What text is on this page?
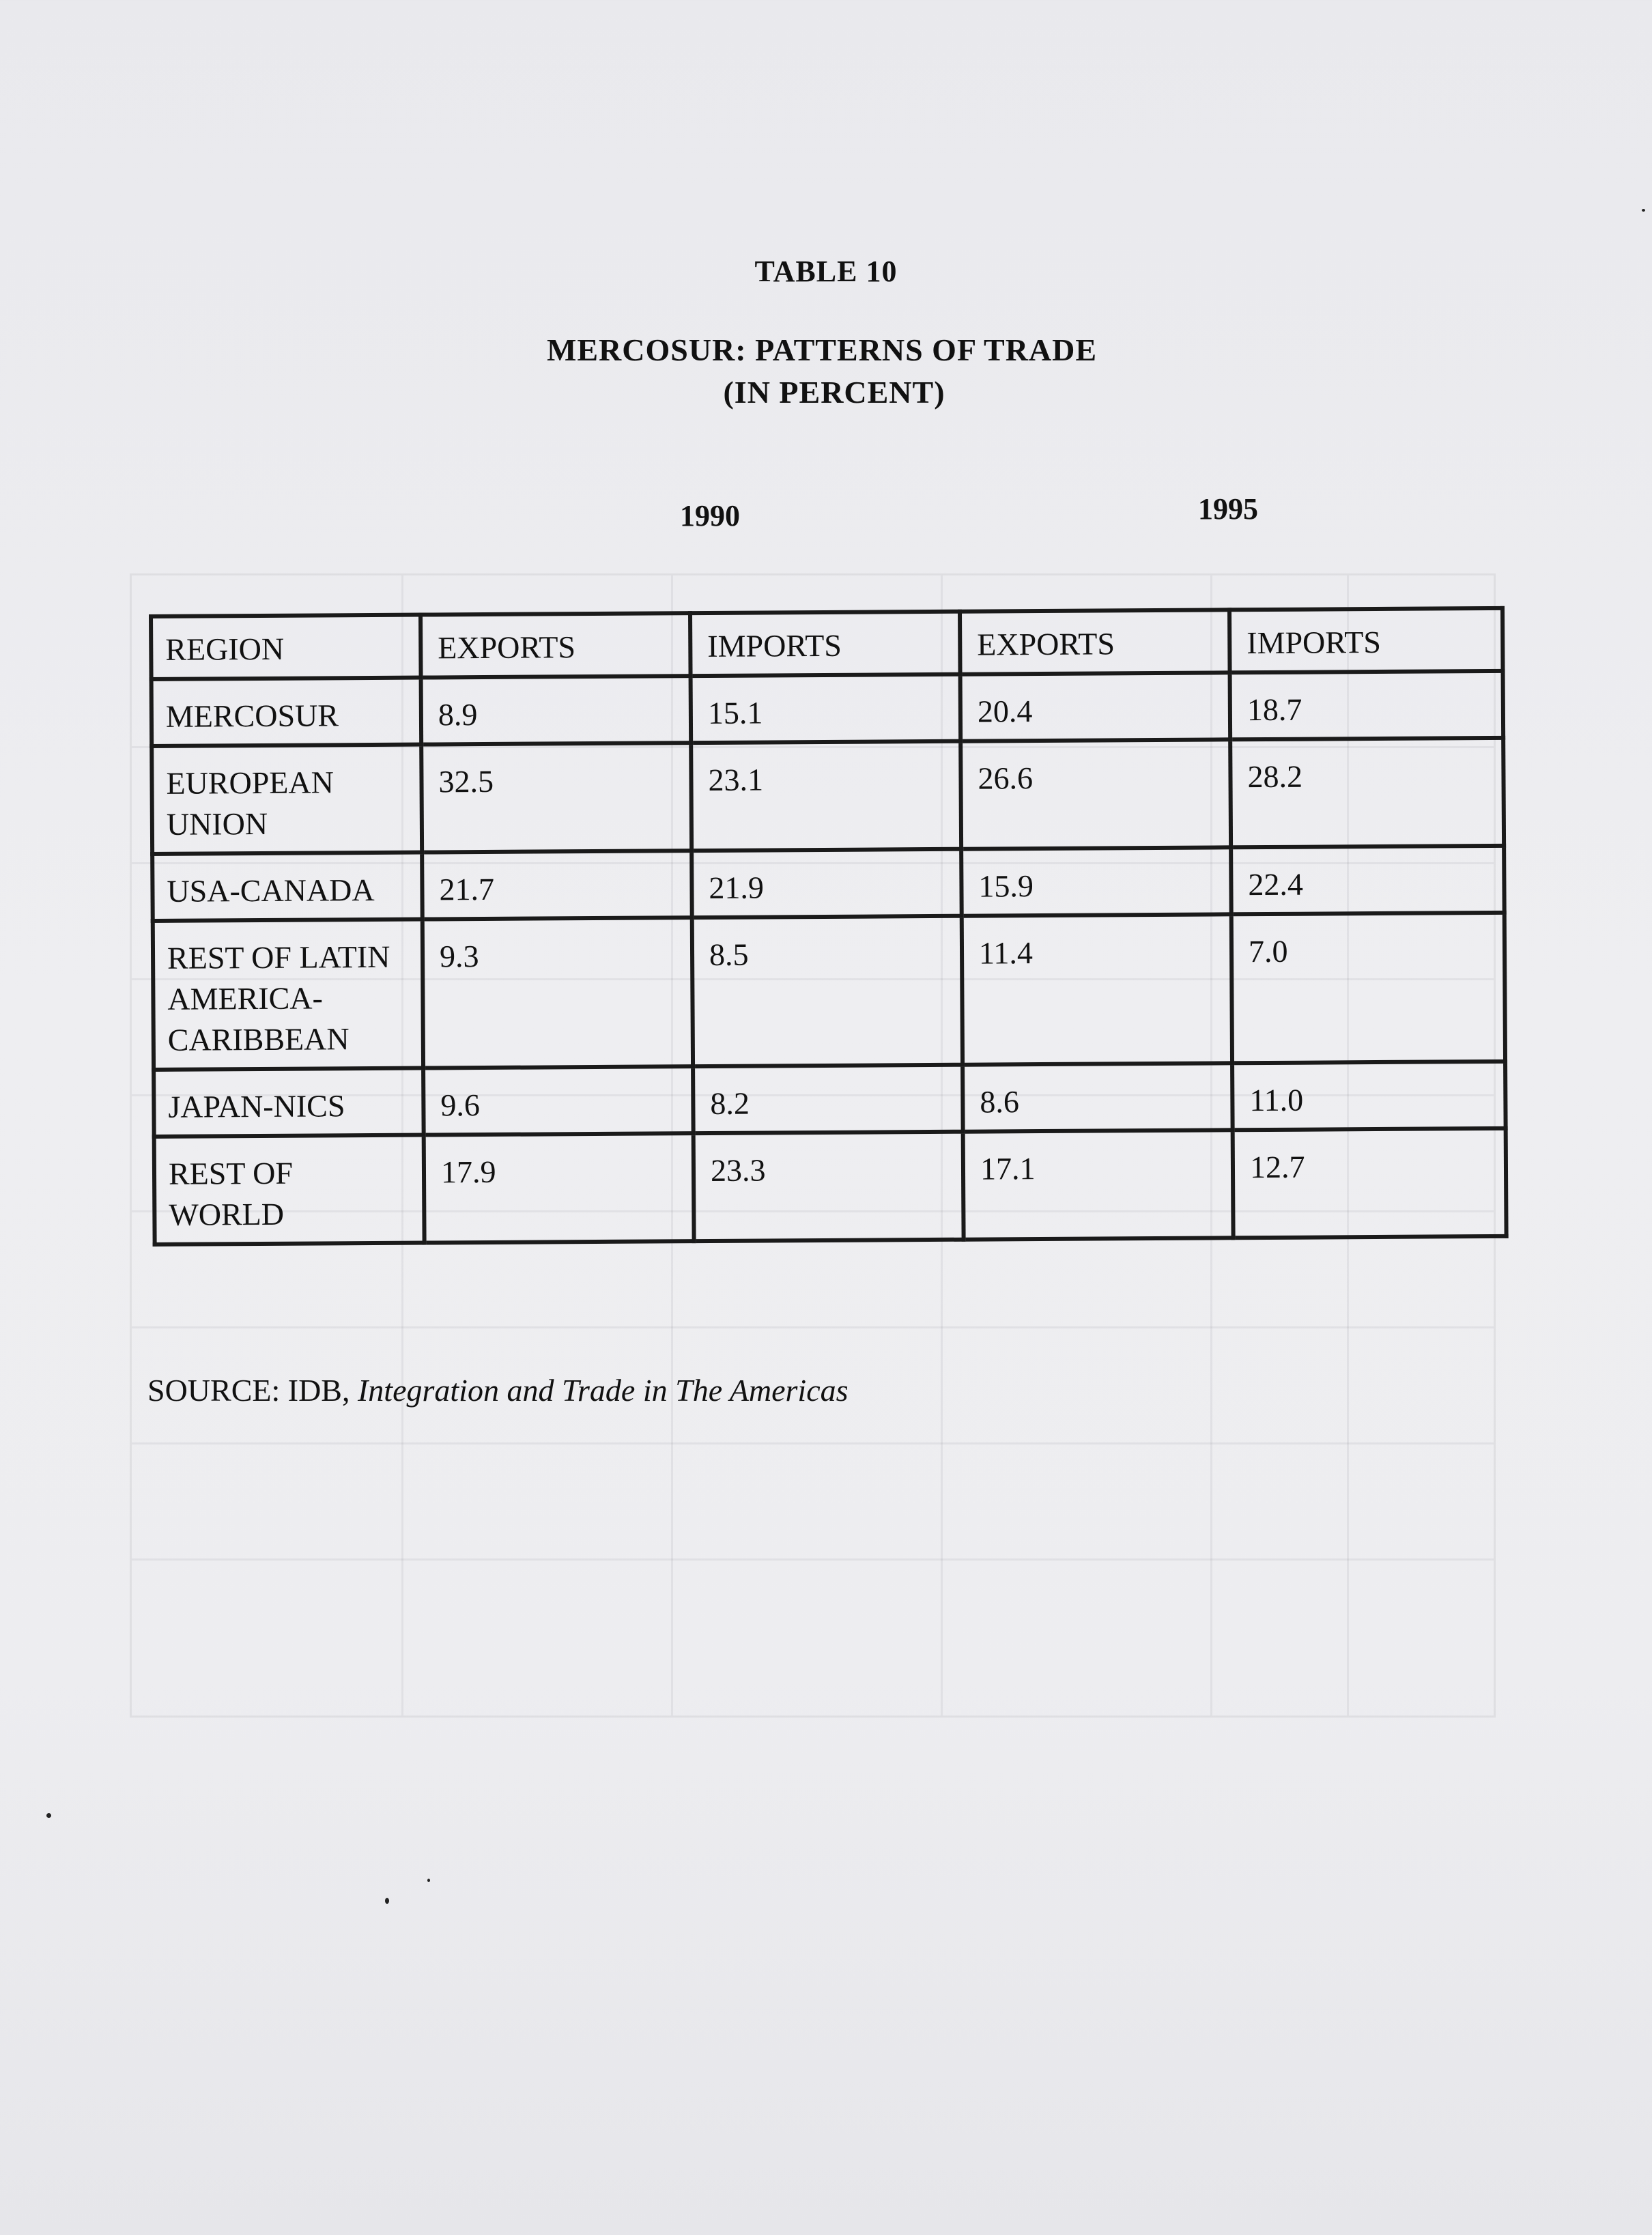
TABLE 10
MERCOSUR: PATTERNS OF TRADE
(IN PERCENT)
1990	1995
REGION	EXPORTS	IMPORTS	EXPORTS	IMPORTS
MERCOSUR	8.9	15.1	20.4	18.7
EUROPEAN UNION	32.5	23.1	26.6	28.2
USA-CANADA	21.7	21.9	15.9	22.4
REST OF LATIN AMERICA-CARIBBEAN	9.3	8.5	11.4	7.0
JAPAN-NICS	9.6	8.2	8.6	11.0
REST OF WORLD	17.9	23.3	17.1	12.7
SOURCE: IDB, Integration and Trade in The Americas
